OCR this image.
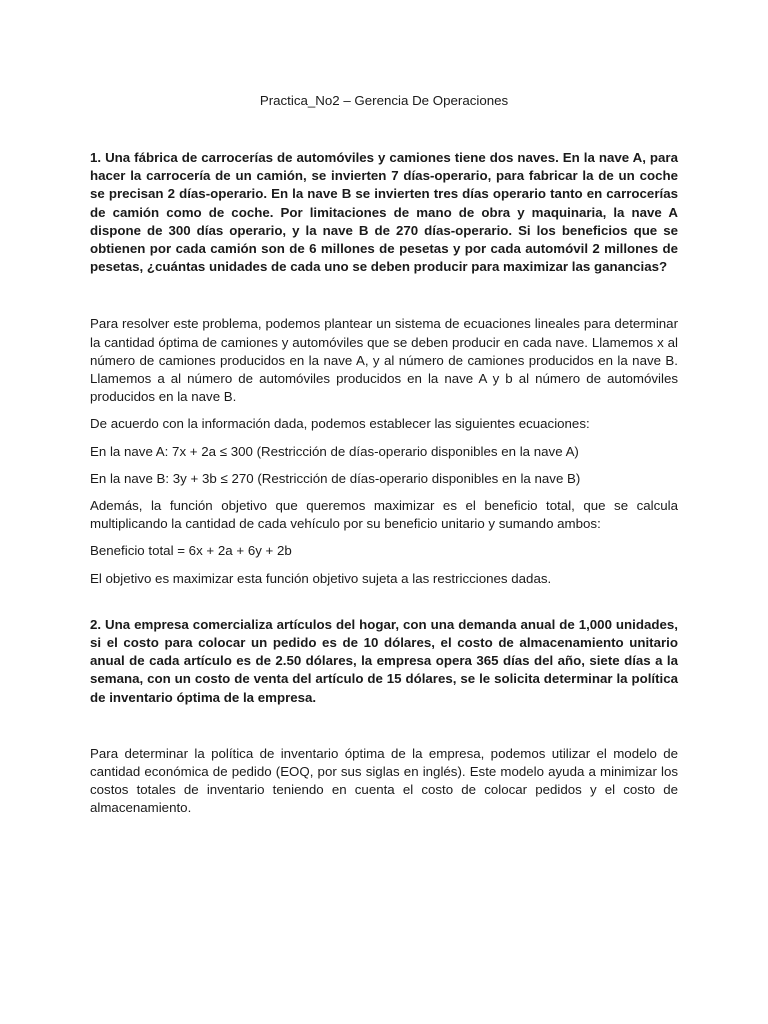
Practica_No2 – Gerencia De Operaciones

1. Una fábrica de carrocerías de automóviles y camiones tiene dos naves. En la nave A, para hacer la carrocería de un camión, se invierten 7 días-operario, para fabricar la de un coche se precisan 2 días-operario. En la nave B se invierten tres días operario tanto en carrocerías de camión como de coche. Por limitaciones de mano de obra y maquinaria, la nave A dispone de 300 días operario, y la nave B de 270 días-operario. Si los beneficios que se obtienen por cada camión son de 6 millones de pesetas y por cada automóvil 2 millones de pesetas, ¿cuántas unidades de cada uno se deben producir para maximizar las ganancias?

Para resolver este problema, podemos plantear un sistema de ecuaciones lineales para determinar la cantidad óptima de camiones y automóviles que se deben producir en cada nave. Llamemos x al número de camiones producidos en la nave A, y al número de camiones producidos en la nave B. Llamemos a al número de automóviles producidos en la nave A y b al número de automóviles producidos en la nave B.

De acuerdo con la información dada, podemos establecer las siguientes ecuaciones:

En la nave A: 7x + 2a ≤ 300 (Restricción de días-operario disponibles en la nave A)

En la nave B: 3y + 3b ≤ 270 (Restricción de días-operario disponibles en la nave B)

Además, la función objetivo que queremos maximizar es el beneficio total, que se calcula multiplicando la cantidad de cada vehículo por su beneficio unitario y sumando ambos:

Beneficio total = 6x + 2a + 6y + 2b

El objetivo es maximizar esta función objetivo sujeta a las restricciones dadas.

2. Una empresa comercializa artículos del hogar, con una demanda anual de 1,000 unidades, si el costo para colocar un pedido es de 10 dólares, el costo de almacenamiento unitario anual de cada artículo es de 2.50 dólares, la empresa opera 365 días del año, siete días a la semana, con un costo de venta del artículo de 15 dólares, se le solicita determinar la política de inventario óptima de la empresa.

Para determinar la política de inventario óptima de la empresa, podemos utilizar el modelo de cantidad económica de pedido (EOQ, por sus siglas en inglés). Este modelo ayuda a minimizar los costos totales de inventario teniendo en cuenta el costo de colocar pedidos y el costo de almacenamiento.
